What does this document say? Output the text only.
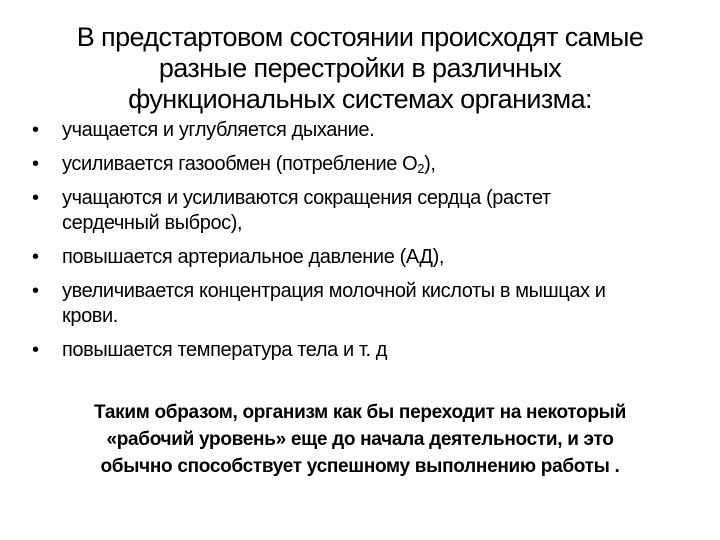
В предстартовом состоянии происходят самые
разные перестройки в различных
функциональных системах организма:
•	учащается и углубляется дыхание.
•	усиливается газообмен (потребление $O_2$),
•	учащаются и усиливаются сокращения сердца (растет
сердечный выброс),
•	повышается артериальное давление (АД),
•	увеличивается концентрация молочной кислоты в мышцах и
крови.
•	повышается температура тела и т. д
Таким образом, организм как бы переходит на некоторый
«рабочий уровень» еще до начала деятельности, и это
обычно способствует успешному выполнению работы .
